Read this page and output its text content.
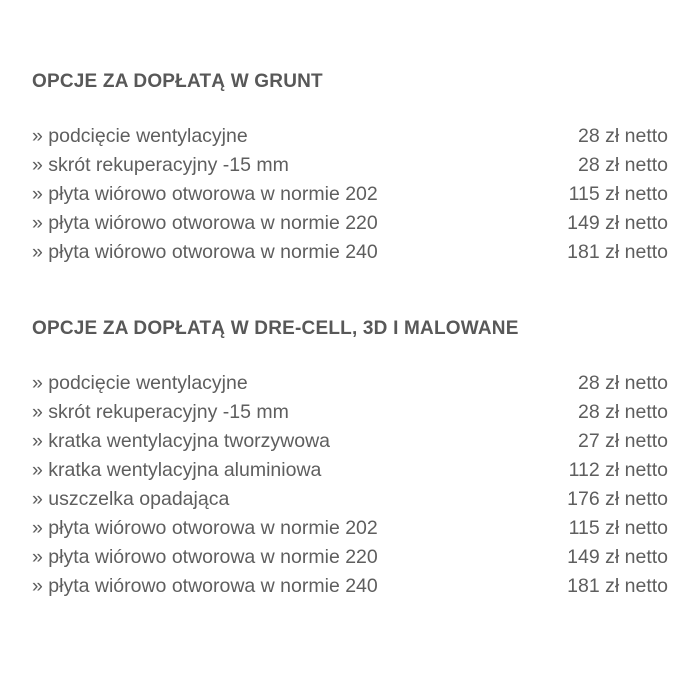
OPCJE ZA DOPŁATĄ W GRUNT
» podcięcie wentylacyjne	28 zł netto
» skrót rekuperacyjny -15 mm	28 zł netto
» płyta wiórowo otworowa w normie 202	115 zł netto
» płyta wiórowo otworowa w normie 220	149 zł netto
» płyta wiórowo otworowa w normie 240	181 zł netto
OPCJE ZA DOPŁATĄ W DRE-CELL, 3D I MALOWANE
» podcięcie wentylacyjne	28 zł netto
» skrót rekuperacyjny -15 mm	28 zł netto
» kratka wentylacyjna tworzywowa	27 zł netto
» kratka wentylacyjna aluminiowa	112 zł netto
» uszczelka opadająca	176 zł netto
» płyta wiórowo otworowa w normie 202	115 zł netto
» płyta wiórowo otworowa w normie 220	149 zł netto
» płyta wiórowo otworowa w normie 240	181 zł netto
